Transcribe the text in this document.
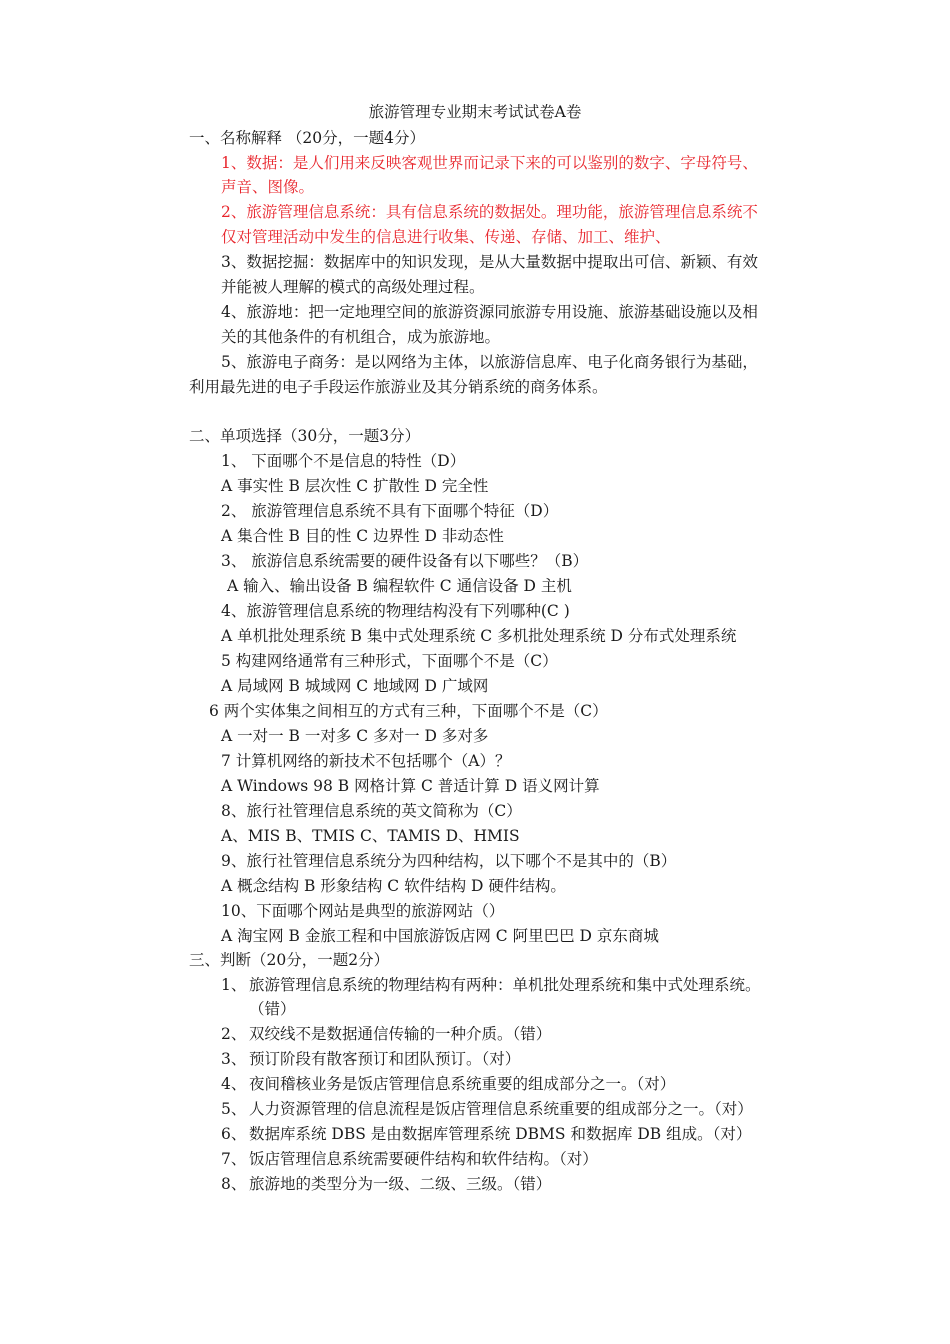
旅游管理专业期末考试试卷A卷
一、名称解释 （20分，一题4分）
1、数据：是人们用来反映客观世界而记录下来的可以鉴别的数字、字母符号、
声音、图像。
2、旅游管理信息系统：具有信息系统的数据处。理功能，旅游管理信息系统不
仅对管理活动中发生的信息进行收集、传递、存储、加工、维护、
3、数据挖掘：数据库中的知识发现，是从大量数据中提取出可信、新颖、有效
并能被人理解的模式的高级处理过程。
4、旅游地：把一定地理空间的旅游资源同旅游专用设施、旅游基础设施以及相
关的其他条件的有机组合，成为旅游地。
5、旅游电子商务：是以网络为主体，以旅游信息库、电子化商务银行为基础，
利用最先进的电子手段运作旅游业及其分销系统的商务体系。
二、单项选择（30分，一题3分）
1、 下面哪个不是信息的特性（D）
A 事实性 B 层次性 C 扩散性 D 完全性
2、 旅游管理信息系统不具有下面哪个特征（D）
A 集合性 B 目的性 C 边界性 D 非动态性
3、 旅游信息系统需要的硬件设备有以下哪些？（B）
A 输入、输出设备 B 编程软件 C 通信设备 D 主机
4、旅游管理信息系统的物理结构没有下列哪种(C )
A 单机批处理系统 B 集中式处理系统 C 多机批处理系统 D 分布式处理系统
5 构建网络通常有三种形式，下面哪个不是（C）
A 局域网 B 城域网 C 地域网 D 广域网
6 两个实体集之间相互的方式有三种，下面哪个不是（C）
A 一对一 B 一对多 C 多对一 D 多对多
7 计算机网络的新技术不包括哪个（A）？
A Windows 98 B 网格计算 C 普适计算 D 语义网计算
8、旅行社管理信息系统的英文简称为（C）
A、MIS B、TMIS C、TAMIS D、HMIS
9、旅行社管理信息系统分为四种结构，以下哪个不是其中的（B）
A 概念结构 B 形象结构 C 软件结构 D 硬件结构。
10、下面哪个网站是典型的旅游网站（）
A 淘宝网 B 金旅工程和中国旅游饭店网 C 阿里巴巴 D 京东商城
三、判断（20分，一题2分）
1、 旅游管理信息系统的物理结构有两种：单机批处理系统和集中式处理系统。
（错）
2、 双绞线不是数据通信传输的一种介质。（错）
3、 预订阶段有散客预订和团队预订。（对）
4、 夜间稽核业务是饭店管理信息系统重要的组成部分之一。（对）
5、 人力资源管理的信息流程是饭店管理信息系统重要的组成部分之一。（对）
6、 数据库系统 DBS 是由数据库管理系统 DBMS 和数据库 DB 组成。（对）
7、 饭店管理信息系统需要硬件结构和软件结构。（对）
8、 旅游地的类型分为一级、二级、三级。（错）
